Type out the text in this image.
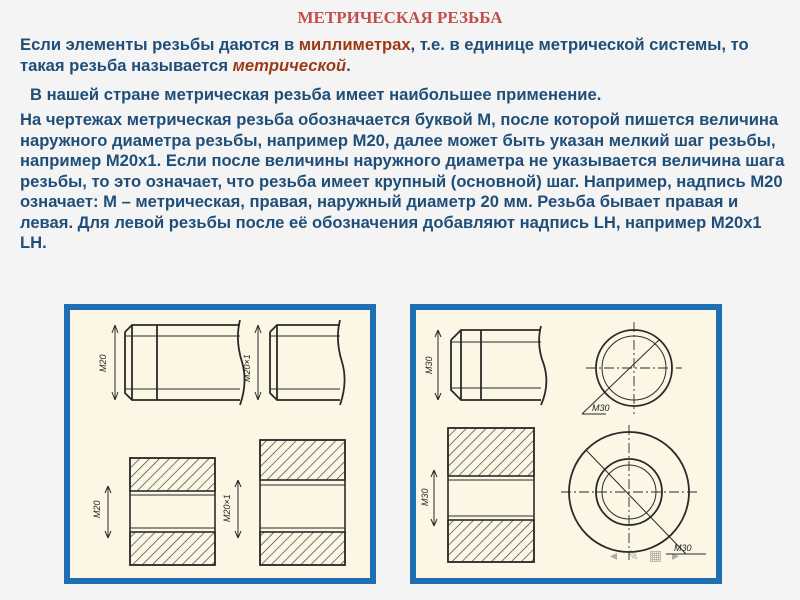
МЕТРИЧЕСКАЯ РЕЗЬБА
Если элементы резьбы даются в миллиметрах, т.е. в единице метрической системы, то такая резьба называется метрической.
В нашей стране метрическая резьба имеет наибольшее применение.
На чертежах метрическая резьба обозначается буквой М, после которой пишется величина наружного диаметра резьбы, например М20, далее может быть указан мелкий шаг резьбы, например М20х1. Если после величины наружного диаметра не указывается величина шага резьбы, то это означает, что резьба имеет крупный (основной) шаг. Например, надпись М20 означает: М – метрическая, правая, наружный диаметр 20 мм. Резьба бывает правая и левая. Для левой резьбы после её обозначения добавляют надпись LH, например М20х1 LH.
M20	M20×1
M20	M20×1
M30
M30
M30
M30
◂ ✎ ▦ ▸
